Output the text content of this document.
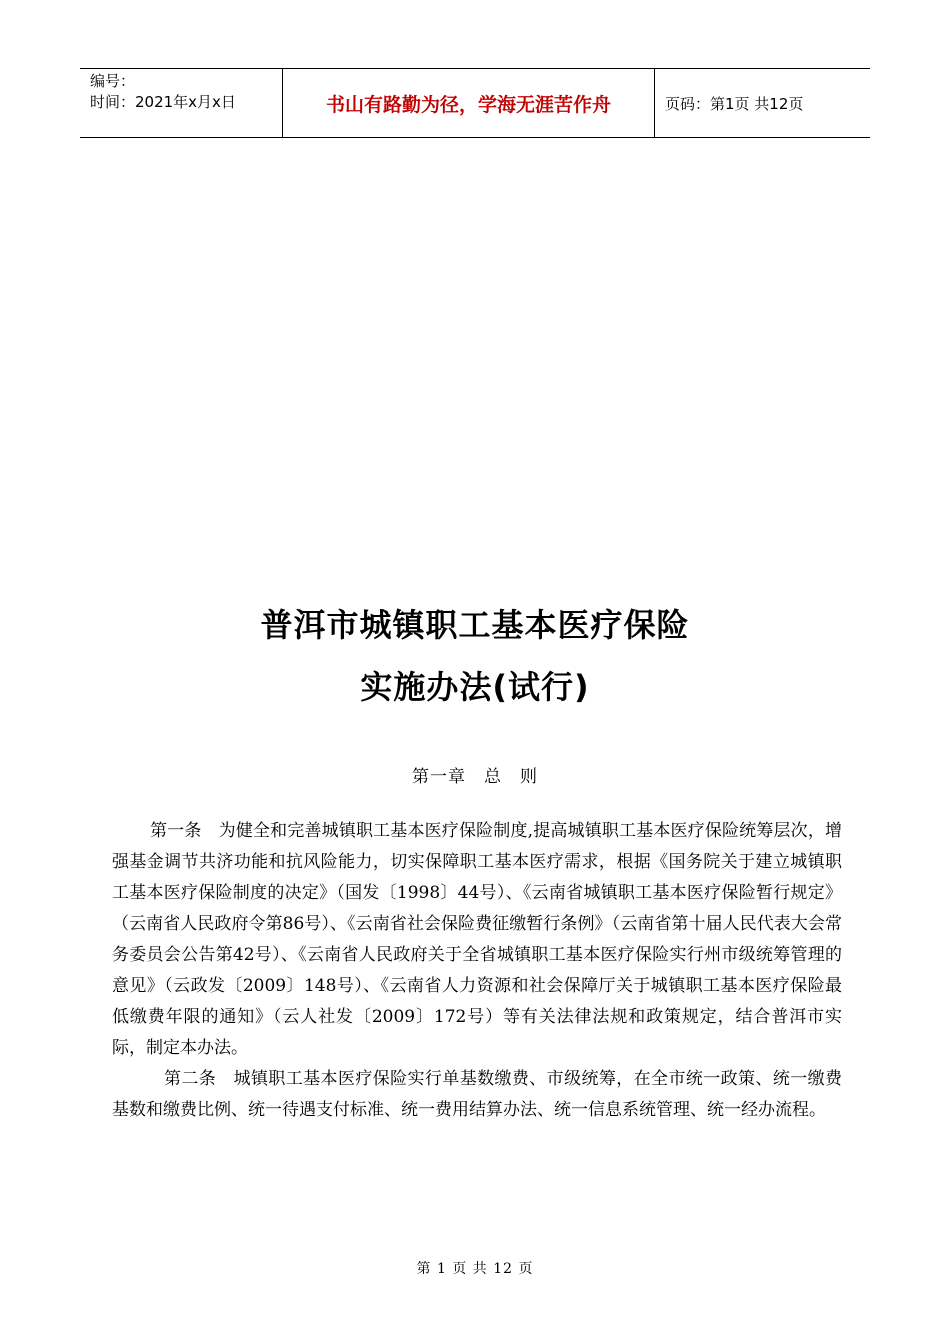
编号：
时间：2021年x月x日	书山有路勤为径，学海无涯苦作舟	页码：第1页 共12页
普洱市城镇职工基本医疗保险
实施办法(试行)
第一章　总　则

第一条　为健全和完善城镇职工基本医疗保险制度,提高城镇职工基本医疗保险统筹层次，增强基金调节共济功能和抗风险能力，切实保障职工基本医疗需求，根据《国务院关于建立城镇职工基本医疗保险制度的决定》（国发〔1998〕44号）、《云南省城镇职工基本医疗保险暂行规定》（云南省人民政府令第86号）、《云南省社会保险费征缴暂行条例》（云南省第十届人民代表大会常务委员会公告第42号）、《云南省人民政府关于全省城镇职工基本医疗保险实行州市级统筹管理的意见》（云政发〔2009〕148号）、《云南省人力资源和社会保障厅关于城镇职工基本医疗保险最低缴费年限的通知》（云人社发〔2009〕172号）等有关法律法规和政策规定，结合普洱市实际，制定本办法。

第二条　城镇职工基本医疗保险实行单基数缴费、市级统筹，在全市统一政策、统一缴费基数和缴费比例、统一待遇支付标准、统一费用结算办法、统一信息系统管理、统一经办流程。

第 1 页 共 12 页
